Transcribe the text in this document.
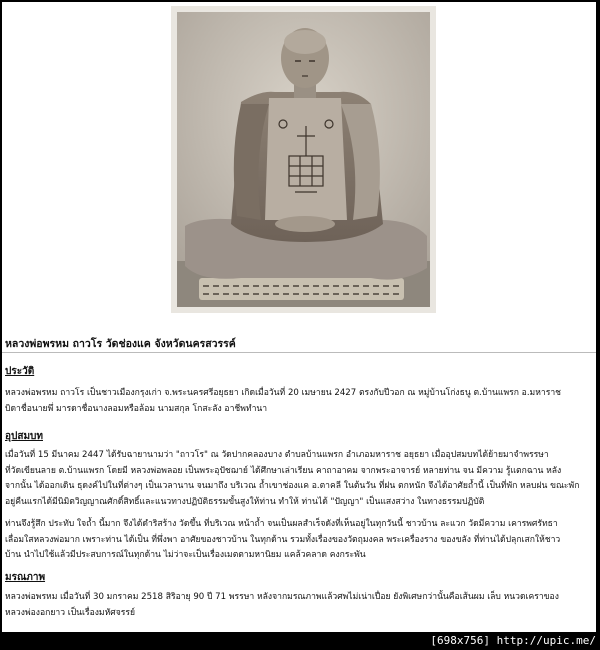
หลวงพ่อพรหม ถาวโร วัดช่องแค จังหวัดนครสวรรค์
ประวัติ
หลวงพ่อพรหม ถาวโร เป็นชาวเมืองกรุงเก่า จ.พระนครศรีอยุธยา เกิดเมื่อวันที่ 20 เมษายน 2427 ตรงกับปีวอก ณ หมู่บ้านโก่งธนู ต.บ้านแพรก อ.มหาราช
บิดาชื่อนายพึ่ มารดาชื่อนางลอมหรือล้อม นามสกุล โกสะลัง อาชีพทำนา
อุปสมบท
เมื่อวันที่ 15 มีนาคม 2447 ได้รับฉายานามว่า "ถาวโร" ณ วัดปากคลองบาง ตำบลบ้านแพรก อำเภอมหาราช อยุธยา เมื่ออุปสมบทได้ย้ายมาจำพรรษา
ที่วัดเขียนลาย ต.บ้านแพรก โดยมี หลวงพ่อพลอย เป็นพระอุปัชฌาย์ ได้ศึกษาเล่าเรียน คาถาอาคม จากพระอาจารย์ หลายท่าน จน มีความ รู้แตกฉาน หลัง
จากนั้น ได้ออกเดิน ธุดงค์ไปในที่ต่างๆ เป็นเวลานาน จนมาถึง บริเวณ ถ้ำเขาช่องแค อ.ตาคลี ในต้นวัน ที่ฝน ตกหนัก จึงได้อาศัยถ้ำนี้ เป็นที่พัก หลบฝน ขณะพัก
อยู่คืนแรกได้มีนิมิตวิญญาณศักดิ์สิทธิ์และแนวทางปฏิบัติธรรมขั้นสูงให้ท่าน ทำให้ ท่านได้ "ปัญญา" เป็นแสงสว่าง ในทางธรรมปฏิบัติ
ท่านจึงรู้สึก ประทับ ใจถ้ำ นี้มาก จึงได้ดำริสร้าง วัดขึ้น ที่บริเวณ หน้าถ้ำ จนเป็นผลสำเร็จดังที่เห็นอยู่ในทุกวันนี้ ชาวบ้าน ละแวก วัดมีความ เคารพศรัทธา
เลื่อมใสหลวงพ่อมาก เพราะท่าน ได้เป็น ที่พึ่งพา อาศัยของชาวบ้าน ในทุกด้าน รวมทั้งเรื่องของวัตถุมงคล พระเครื่องราง ของขลัง ที่ท่านได้ปลุกเสกให้ชาว
บ้าน นำไปใช้แล้วมีประสบการณ์ในทุกด้าน ไม่ว่าจะเป็นเรื่องเมตตามหานิยม แคล้วคลาด คงกระพัน
มรณภาพ
หลวงพ่อพรหม เมื่อวันที่ 30 มกราคม 2518 สิริอายุ 90 ปี 71 พรรษา หลังจากมรณภาพแล้วศพไม่เน่าเปื่อย ยังพิเศษกว่านั้นคือเส้นผม เล็บ หนวดเคราของ
หลวงพ่องอกยาว เป็นเรื่องมหัศจรรย์
[698x756] http://upic.me/
